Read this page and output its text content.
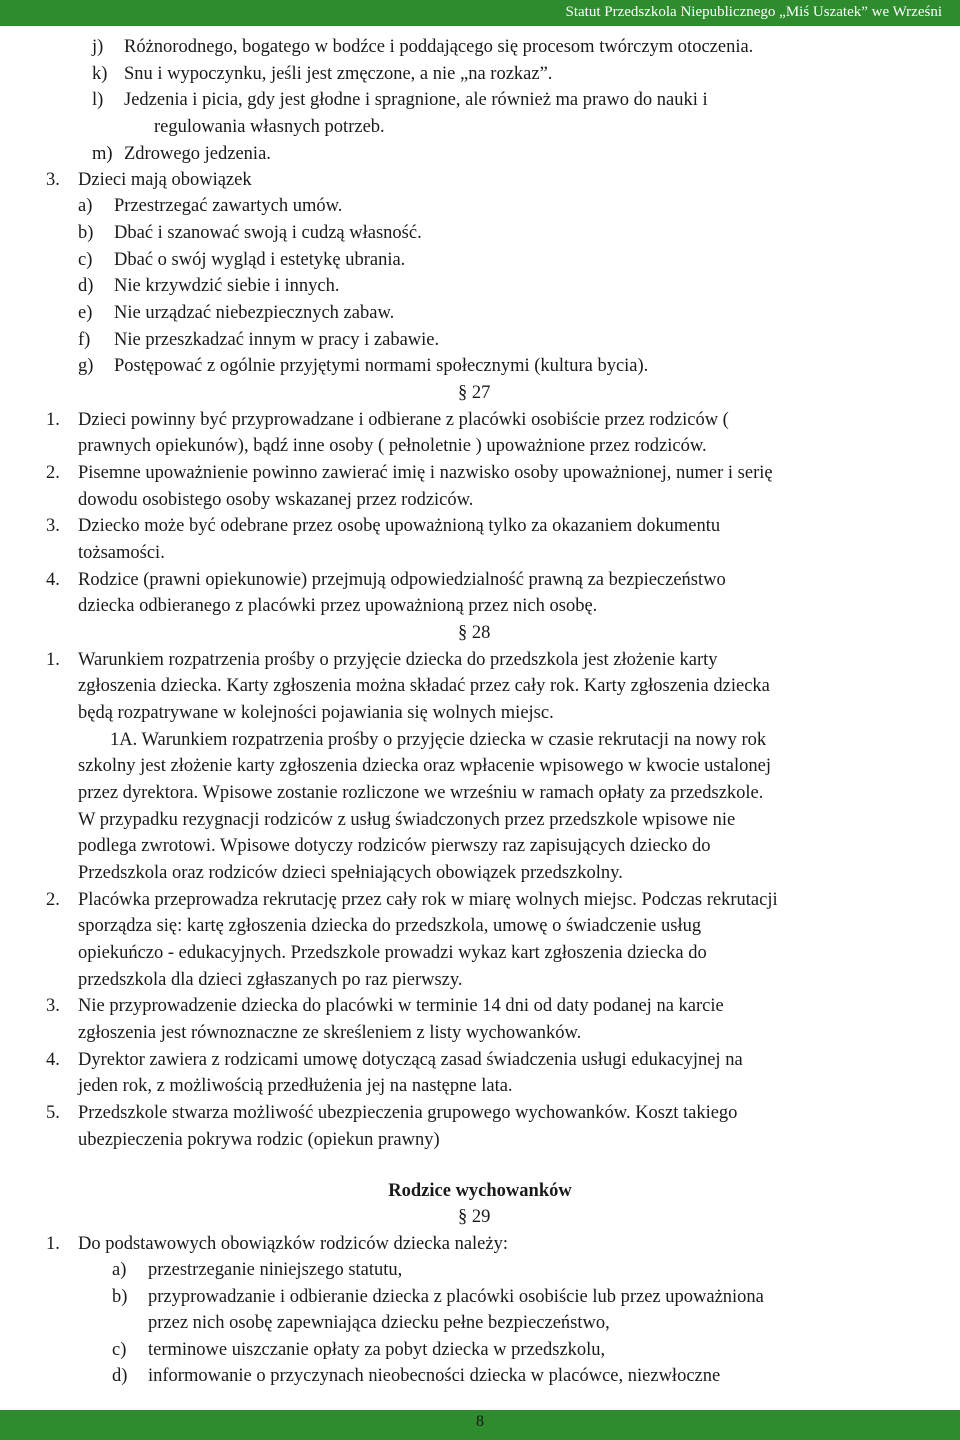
Statut Przedszkola Niepublicznego „Miś Uszatek” we Wrześni
j) Różnorodnego, bogatego w bodźce i poddającego się procesom twórczym otoczenia.
k) Snu i wypoczynku, jeśli jest zmęczone, a nie „na rozkaz”.
l) Jedzenia i picia, gdy jest głodne i spragnione, ale również ma prawo do nauki i
regulowania własnych potrzeb.
m) Zdrowego jedzenia.
3. Dzieci mają obowiązek
a) Przestrzegać zawartych umów.
b) Dbać i szanować swoją i cudzą własność.
c) Dbać o swój wygląd i estetykę ubrania.
d) Nie krzywdzić siebie i innych.
e) Nie urządzać niebezpiecznych zabaw.
f) Nie przeszkadzać innym w pracy i zabawie.
g) Postępować z ogólnie przyjętymi normami społecznymi (kultura bycia).
§ 27
1. Dzieci powinny być przyprowadzane i odbierane z placówki osobiście przez rodziców (
prawnych opiekunów), bądź inne osoby ( pełnoletnie ) upoważnione przez rodziców.
2. Pisemne upoważnienie powinno zawierać imię i nazwisko osoby upoważnionej, numer i serię
dowodu osobistego osoby wskazanej przez rodziców.
3. Dziecko może być odebrane przez osobę upoważnioną tylko za okazaniem dokumentu
tożsamości.
4. Rodzice (prawni opiekunowie) przejmują odpowiedzialność prawną za bezpieczeństwo
dziecka odbieranego z placówki przez upoważnioną przez nich osobę.
§ 28
1. Warunkiem rozpatrzenia prośby o przyjęcie dziecka do przedszkola jest złożenie karty
zgłoszenia dziecka. Karty zgłoszenia można składać przez cały rok. Karty zgłoszenia dziecka
będą rozpatrywane w kolejności pojawiania się wolnych miejsc.
1A. Warunkiem rozpatrzenia prośby o przyjęcie dziecka w czasie rekrutacji na nowy rok
szkolny jest złożenie karty zgłoszenia dziecka oraz wpłacenie wpisowego w kwocie ustalonej
przez dyrektora. Wpisowe zostanie rozliczone we wrześniu w ramach opłaty za przedszkole.
W przypadku rezygnacji rodziców z usług świadczonych przez przedszkole wpisowe nie
podlega zwrotowi. Wpisowe dotyczy rodziców pierwszy raz zapisujących dziecko do
Przedszkola oraz rodziców dzieci spełniających obowiązek przedszkolny.
2. Placówka przeprowadza rekrutację przez cały rok w miarę wolnych miejsc. Podczas rekrutacji
sporządza się: kartę zgłoszenia dziecka do przedszkola, umowę o świadczenie usług
opiekuńczo - edukacyjnych. Przedszkole prowadzi wykaz kart zgłoszenia dziecka do
przedszkola dla dzieci zgłaszanych po raz pierwszy.
3. Nie przyprowadzenie dziecka do placówki w terminie 14 dni od daty podanej na karcie
zgłoszenia jest równoznaczne ze skreśleniem z listy wychowanków.
4. Dyrektor zawiera z rodzicami umowę dotyczącą zasad świadczenia usługi edukacyjnej na
jeden rok, z możliwością przedłużenia jej na następne lata.
5. Przedszkole stwarza możliwość ubezpieczenia grupowego wychowanków. Koszt takiego
ubezpieczenia pokrywa rodzic (opiekun prawny)
Rodzice wychowanków
§ 29
1. Do podstawowych obowiązków rodziców dziecka należy:
a) przestrzeganie niniejszego statutu,
b) przyprowadzanie i odbieranie dziecka z placówki osobiście lub przez upoważniona
przez nich osobę zapewniająca dziecku pełne bezpieczeństwo,
c) terminowe uiszczanie opłaty za pobyt dziecka w przedszkolu,
d) informowanie o przyczynach nieobecności dziecka w placówce, niezwłoczne
8
